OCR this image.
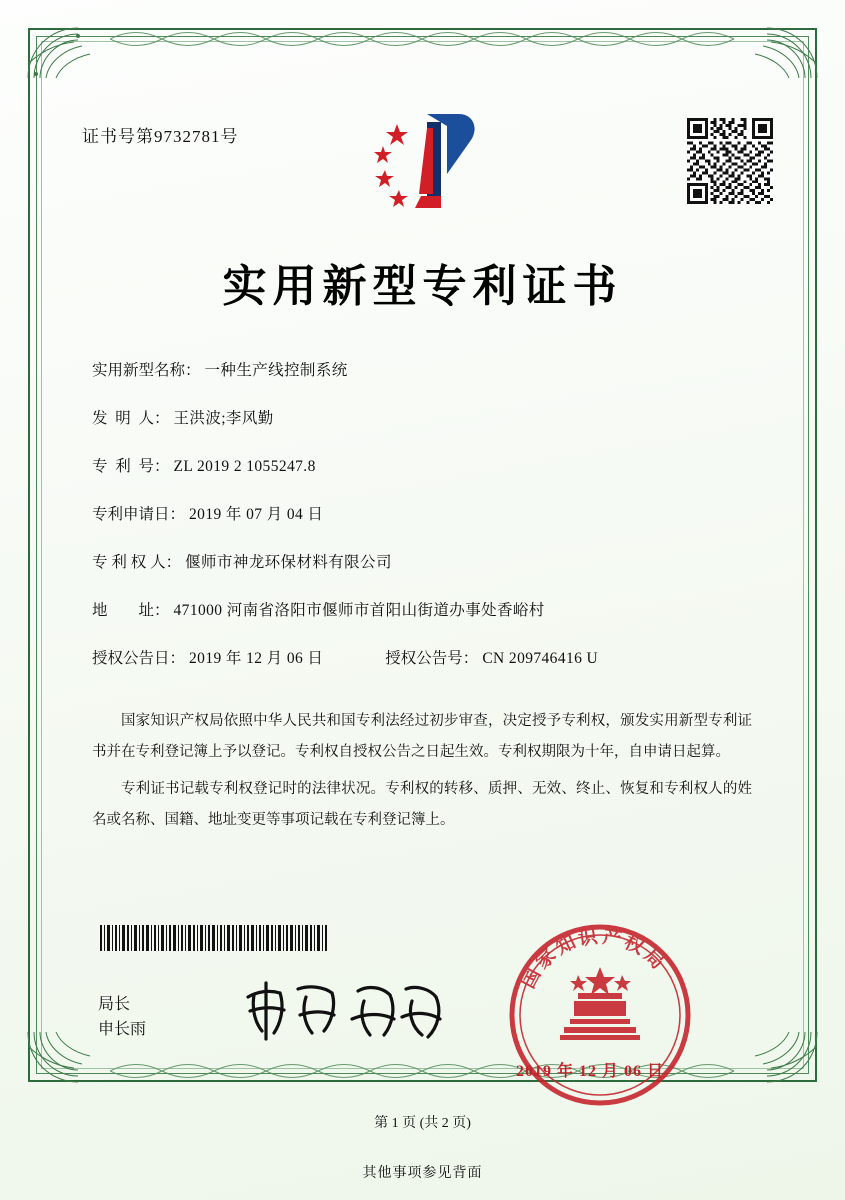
证书号第9732781号
实用新型专利证书
实用新型名称： 一种生产线控制系统
发  明  人： 王洪波;李风勤
专  利  号： ZL 2019 2 1055247.8
专利申请日： 2019 年 07 月 04 日
专 利 权 人： 偃师市神龙环保材料有限公司
地        址： 471000 河南省洛阳市偃师市首阳山街道办事处香峪村
授权公告日： 2019 年 12 月 06 日	授权公告号： CN 209746416 U

国家知识产权局依照中华人民共和国专利法经过初步审查，决定授予专利权，颁发实用新型专利证书并在专利登记簿上予以登记。专利权自授权公告之日起生效。专利权期限为十年，自申请日起算。

专利证书记载专利权登记时的法律状况。专利权的转移、质押、无效、终止、恢复和专利权人的姓名或名称、国籍、地址变更等事项记载在专利登记簿上。

局长
申长雨
国
家
知
识 产
权
局
2019 年 12 月 06 日
第 1 页 (共 2 页)
其他事项参见背面
